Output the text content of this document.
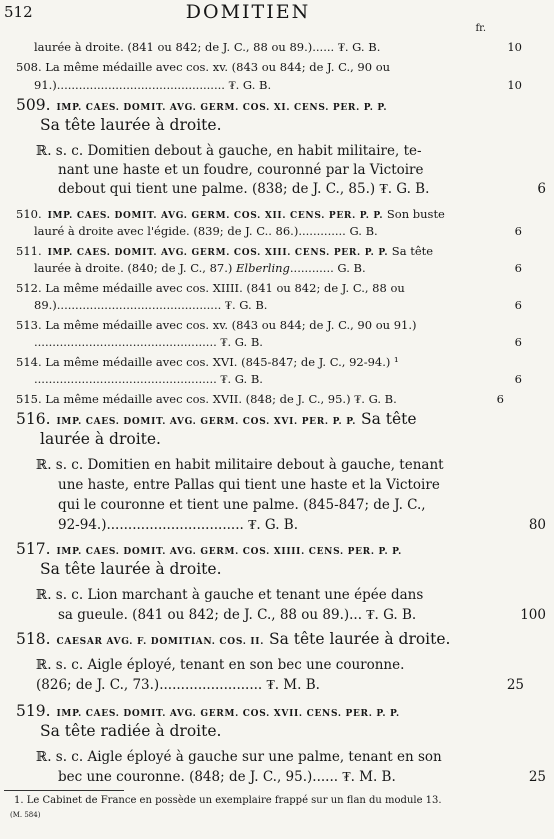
512	DOMITIEN
fr.

laurée à droite. (841 ou 842; de J. C., 88 ou 89.)...... ₮. G. B.	10

508. La même médaille avec cos. xv. (843 ou 844; de J. C., 90 ou

91.).............................................. ₮. G. B.	10

509. IMP. CAES. DOMIT. AVG. GERM. COS. XI. CENS. PER. P. P.

Sa tête laurée à droite.

ℝ. s. c. Domitien debout à gauche, en habit militaire, te-

nant une haste et un foudre, couronné par la Victoire

debout qui tient une palme. (838; de J. C., 85.) ₮. G. B.	6

510. IMP. CAES. DOMIT. AVG. GERM. COS. XII. CENS. PER. P. P. Son buste

lauré à droite avec l'égide. (839; de J. C.. 86.)............. G. B.	6

511. IMP. CAES. DOMIT. AVG. GERM. COS. XIII. CENS. PER. P. P. Sa tête

laurée à droite. (840; de J. C., 87.) Elberling............ G. B.	6

512. La même médaille avec cos. XIIII. (841 ou 842; de J. C., 88 ou

89.)............................................. ₮. G. B.	6

513. La même médaille avec cos. xv. (843 ou 844; de J. C., 90 ou 91.)

.................................................. ₮. G. B.	6

514. La même médaille avec cos. XVI. (845-847; de J. C., 92-94.) ¹

.................................................. ₮. G. B.	6

515. La même médaille avec cos. XVII. (848; de J. C., 95.) ₮. G. B.	6

516. IMP. CAES. DOMIT. AVG. GERM. COS. XVI. PER. P. P. Sa tête

laurée à droite.

ℝ. s. c. Domitien en habit militaire debout à gauche, tenant

une haste, entre Pallas qui tient une haste et la Victoire

qui le couronne et tient une palme. (845-847; de J. C.,

92-94.)................................ ₮. G. B.	80

517. IMP. CAES. DOMIT. AVG. GERM. COS. XIIII. CENS. PER. P. P.

Sa tête laurée à droite.

ℝ. s. c. Lion marchant à gauche et tenant une épée dans

sa gueule. (841 ou 842; de J. C., 88 ou 89.)... ₮. G. B.	100

518. CAESAR AVG. F. DOMITIAN. COS. II. Sa tête laurée à droite.

ℝ. s. c. Aigle éployé, tenant en son bec une couronne.

(826; de J. C., 73.)........................ ₮. M. B.	25

519. IMP. CAES. DOMIT. AVG. GERM. COS. XVII. CENS. PER. P. P.

Sa tête radiée à droite.

ℝ. s. c. Aigle éployé à gauche sur une palme, tenant en son

bec une couronne. (848; de J. C., 95.)...... ₮. M. B.	25

1. Le Cabinet de France en possède un exemplaire frappé sur un flan du module 13.
(M. 584)
